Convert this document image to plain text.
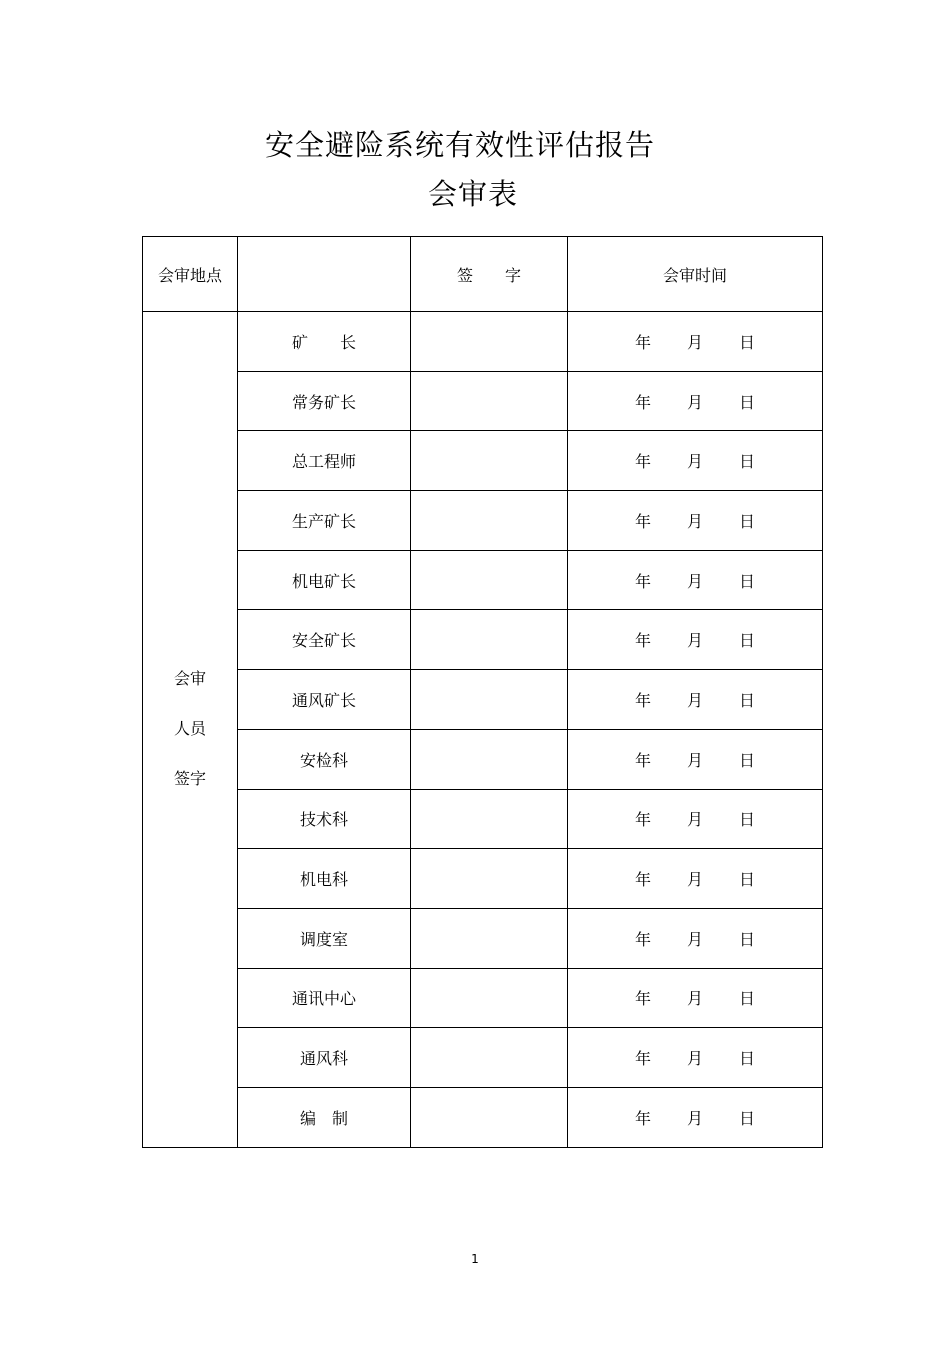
安全避险系统有效性评估报告
会审表
会审地点		签　　字	会审时间

会审
人员
签字	矿　　长		年 月 日
	常务矿长		年 月 日
	总工程师		年 月 日
	生产矿长		年 月 日
	机电矿长		年 月 日
	安全矿长		年 月 日
	通风矿长		年 月 日
	安检科		年 月 日
	技术科		年 月 日
	机电科		年 月 日
	调度室		年 月 日
	通讯中心		年 月 日
	通风科		年 月 日
	编　制		年 月 日
1
